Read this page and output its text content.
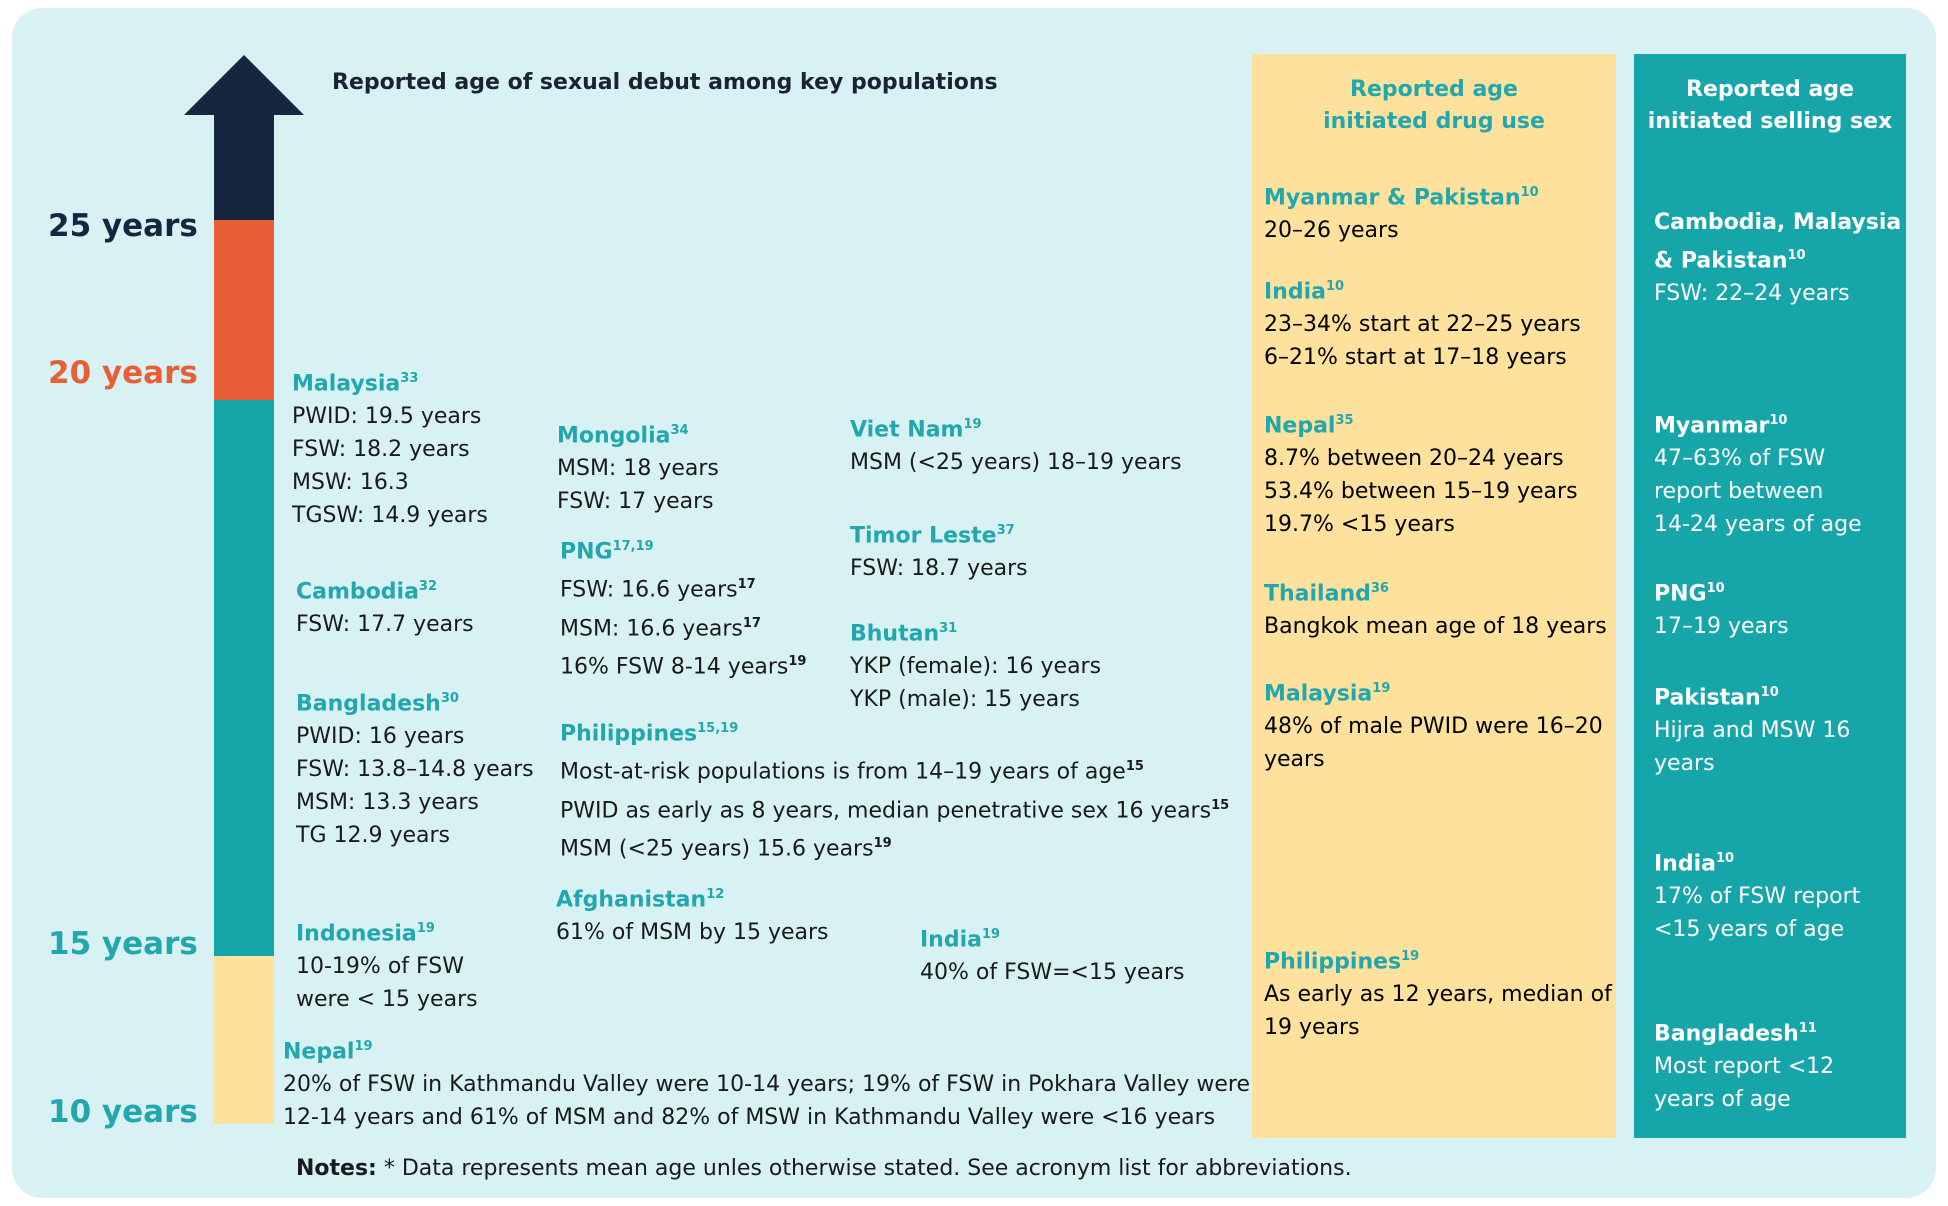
25 years
20 years
15 years
10 years
Reported age of sexual debut among key populations
Malaysia$^{33}$
PWID: 19.5 years
FSW: 18.2 years
MSW: 16.3
TGSW: 14.9 years
Cambodia$^{32}$
FSW: 17.7 years
Bangladesh$^{30}$
PWID: 16 years
FSW: 13.8–14.8 years
MSM: 13.3 years
TG 12.9 years
Indonesia$^{19}$
10-19% of FSW
were < 15 years
Nepal$^{19}$
20% of FSW in Kathmandu Valley were 10-14 years; 19% of FSW in Pokhara Valley were
12-14 years and 61% of MSM and 82% of MSW in Kathmandu Valley were <16 years
Mongolia$^{34}$
MSM: 18 years
FSW: 17 years
PNG$^{17,19}$
FSW: 16.6 years$^{17}$
MSM: 16.6 years$^{17}$
16% FSW 8-14 years$^{19}$
Philippines$^{15,19}$
Most-at-risk populations is from 14–19 years of age$^{15}$
PWID as early as 8 years, median penetrative sex 16 years$^{15}$
MSM (<25 years) 15.6 years$^{19}$
Afghanistan$^{12}$
61% of MSM by 15 years
Viet Nam$^{19}$
MSM (<25 years) 18–19 years
Timor Leste$^{37}$
FSW: 18.7 years
Bhutan$^{31}$
YKP (female): 16 years
YKP (male): 15 years
India$^{19}$
40% of FSW=<15 years
Reported age
initiated drug use
Myanmar & Pakistan$^{10}$
20–26 years
India$^{10}$
23–34% start at 22–25 years
6–21% start at 17–18 years
Nepal$^{35}$
8.7% between 20–24 years
53.4% between 15–19 years
19.7% <15 years
Thailand$^{36}$
Bangkok mean age of 18 years
Malaysia$^{19}$
48% of male PWID were 16–20
years
Philippines$^{19}$
As early as 12 years, median of
19 years
Reported age
initiated selling sex
Cambodia, Malaysia
& Pakistan$^{10}$
FSW: 22–24 years
Myanmar$^{10}$
47–63% of FSW
report between
14-24 years of age
PNG$^{10}$
17–19 years
Pakistan$^{10}$
Hijra and MSW 16
years
India$^{10}$
17% of FSW report
<15 years of age
Bangladesh$^{11}$
Most report <12
years of age
Notes: * Data represents mean age unles otherwise stated. See acronym list for abbreviations.
